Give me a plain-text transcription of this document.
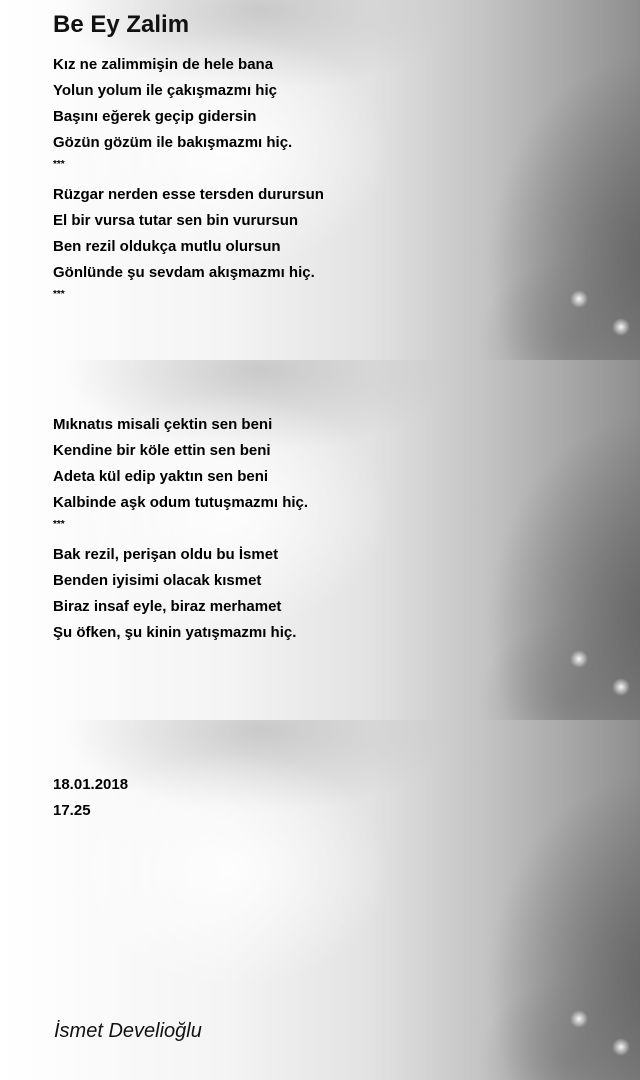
Be Ey Zalim
Kız ne zalimmişin de hele bana
Yolun yolum ile çakışmazmı hiç
Başını eğerek geçip gidersin
Gözün gözüm ile bakışmazmı hiç.
***
Rüzgar nerden esse tersden durursun
El bir vursa tutar sen bin vurursun
Ben rezil oldukça mutlu olursun
Gönlünde şu sevdam akışmazmı hiç.
***
Mıknatıs misali çektin sen beni
Kendine bir köle ettin sen beni
Adeta kül edip yaktın sen beni
Kalbinde aşk odum tutuşmazmı hiç.
***
Bak rezil, perişan oldu bu İsmet
Benden iyisimi olacak kısmet
Biraz insaf eyle, biraz merhamet
Şu öfken, şu kinin yatışmazmı hiç.
18.01.2018
17.25
İsmet Develioğlu
